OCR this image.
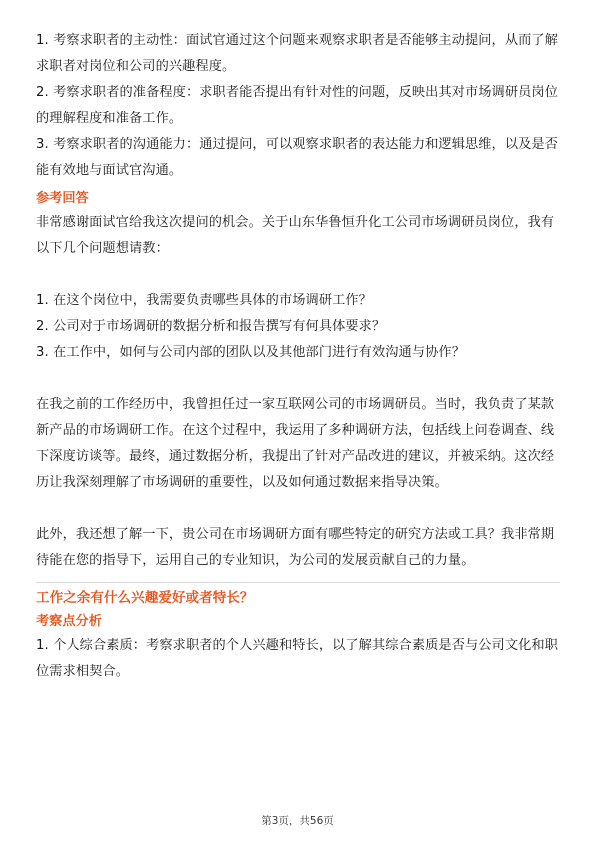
1. 考察求职者的主动性：面试官通过这个问题来观察求职者是否能够主动提问，从而了解求职者对岗位和公司的兴趣程度。

2. 考察求职者的准备程度：求职者能否提出有针对性的问题，反映出其对市场调研员岗位的理解程度和准备工作。

3. 考察求职者的沟通能力：通过提问，可以观察求职者的表达能力和逻辑思维，以及是否能有效地与面试官沟通。

参考回答

非常感谢面试官给我这次提问的机会。关于山东华鲁恒升化工公司市场调研员岗位，我有以下几个问题想请教：

1. 在这个岗位中，我需要负责哪些具体的市场调研工作？

2. 公司对于市场调研的数据分析和报告撰写有何具体要求？

3. 在工作中，如何与公司内部的团队以及其他部门进行有效沟通与协作？

在我之前的工作经历中，我曾担任过一家互联网公司的市场调研员。当时，我负责了某款新产品的市场调研工作。在这个过程中，我运用了多种调研方法，包括线上问卷调查、线下深度访谈等。最终，通过数据分析，我提出了针对产品改进的建议，并被采纳。这次经历让我深刻理解了市场调研的重要性，以及如何通过数据来指导决策。

此外，我还想了解一下，贵公司在市场调研方面有哪些特定的研究方法或工具？我非常期待能在您的指导下，运用自己的专业知识，为公司的发展贡献自己的力量。

工作之余有什么兴趣爱好或者特长？
考察点分析

1. 个人综合素质：考察求职者的个人兴趣和特长，以了解其综合素质是否与公司文化和职位需求相契合。

第3页，共56页
